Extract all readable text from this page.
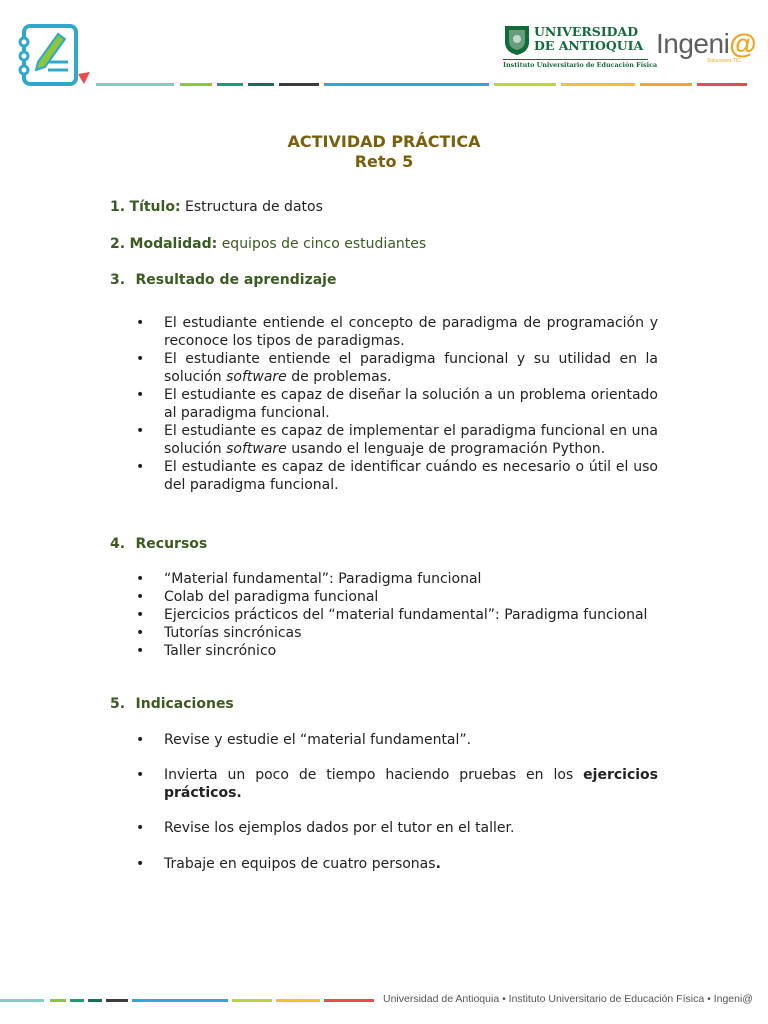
UNIVERSIDAD
DE ANTIOQUIA
Instituto Universitario de Educación Física
Ingeni@
Soluciones TIC
ACTIVIDAD PRÁCTICA
Reto 5
1. Título: Estructura de datos
2. Modalidad: equipos de cinco estudiantes
3. Resultado de aprendizaje
• El estudiante entiende el concepto de paradigma de programación y reconoce los tipos de paradigmas.
• El estudiante entiende el paradigma funcional y su utilidad en la solución software de problemas.
• El estudiante es capaz de diseñar la solución a un problema orientado al paradigma funcional.
• El estudiante es capaz de implementar el paradigma funcional en una solución software usando el lenguaje de programación Python.
• El estudiante es capaz de identificar cuándo es necesario o útil el uso del paradigma funcional.
4. Recursos
• “Material fundamental”: Paradigma funcional
• Colab del paradigma funcional
• Ejercicios prácticos del “material fundamental”: Paradigma funcional
• Tutorías sincrónicas
• Taller sincrónico
5. Indicaciones
• Revise y estudie el “material fundamental”.
• Invierta un poco de tiempo haciendo pruebas en los ejercicios prácticos.
• Revise los ejemplos dados por el tutor en el taller.
• Trabaje en equipos de cuatro personas.
Universidad de Antioquia • Instituto Universitario de Educación Física • Ingeni@
